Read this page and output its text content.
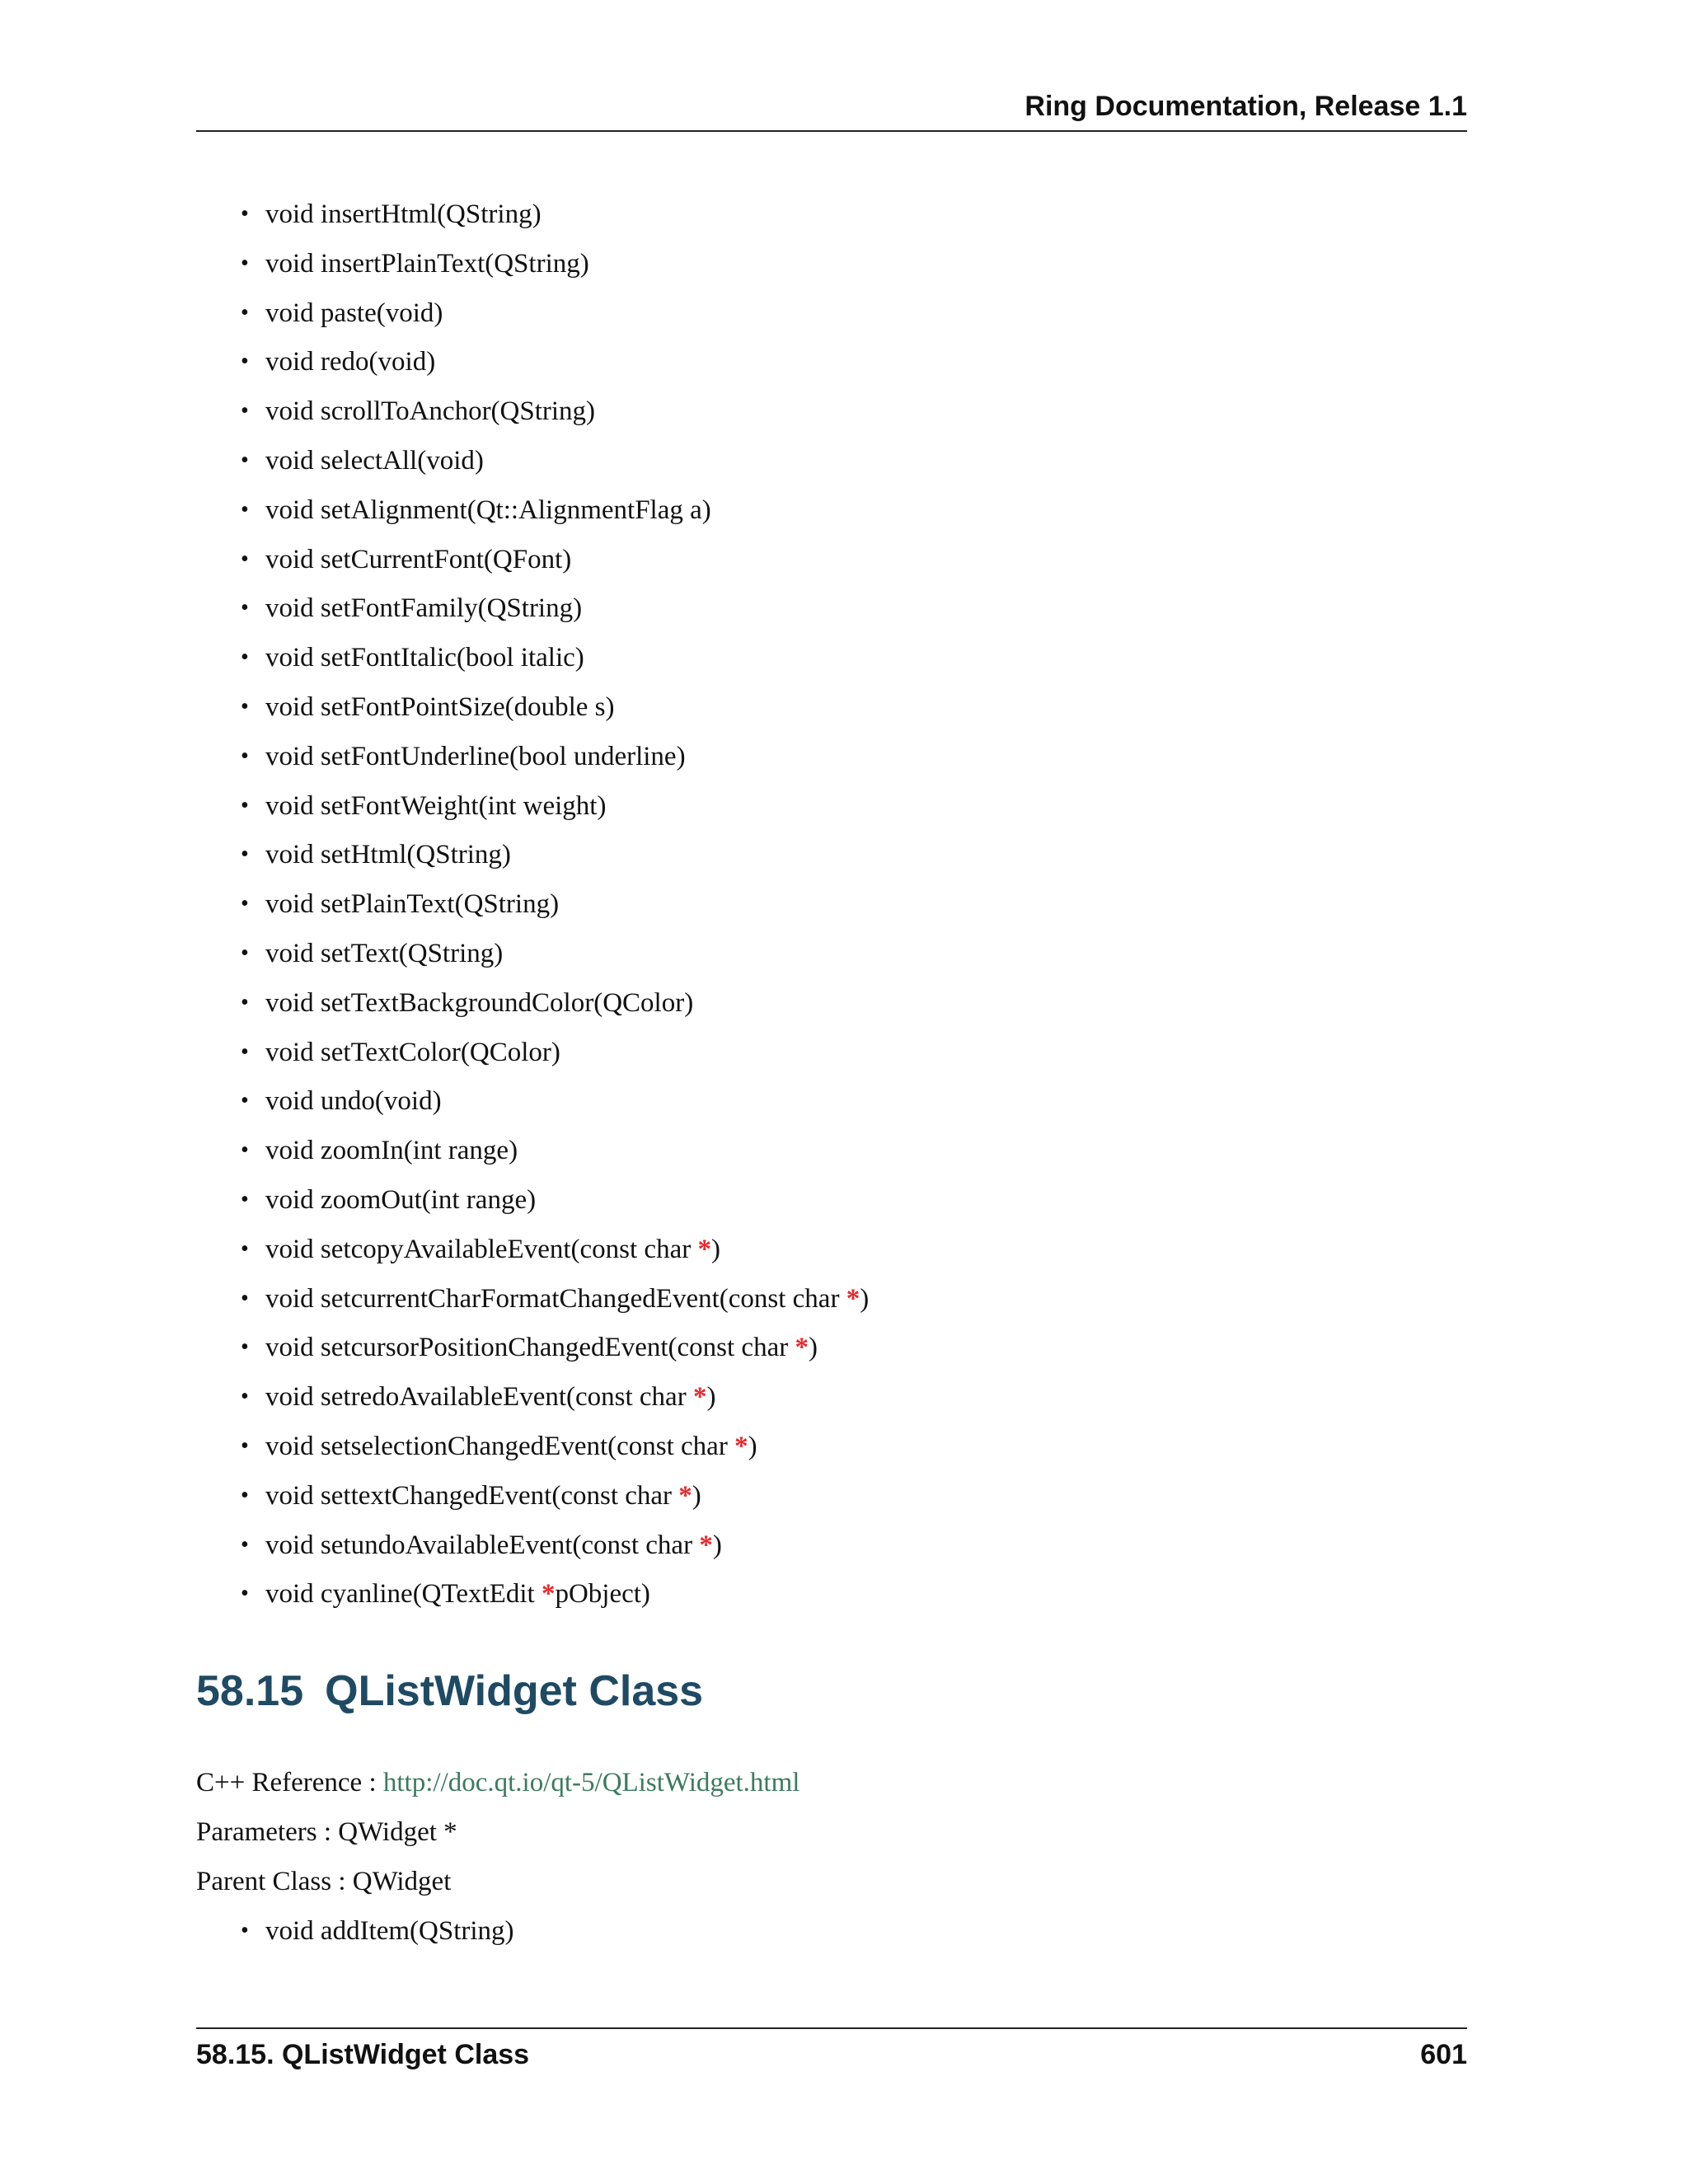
Ring Documentation, Release 1.1
• void insertHtml(QString)
• void insertPlainText(QString)
• void paste(void)
• void redo(void)
• void scrollToAnchor(QString)
• void selectAll(void)
• void setAlignment(Qt::AlignmentFlag a)
• void setCurrentFont(QFont)
• void setFontFamily(QString)
• void setFontItalic(bool italic)
• void setFontPointSize(double s)
• void setFontUnderline(bool underline)
• void setFontWeight(int weight)
• void setHtml(QString)
• void setPlainText(QString)
• void setText(QString)
• void setTextBackgroundColor(QColor)
• void setTextColor(QColor)
• void undo(void)
• void zoomIn(int range)
• void zoomOut(int range)
• void setcopyAvailableEvent(const char *)
• void setcurrentCharFormatChangedEvent(const char *)
• void setcursorPositionChangedEvent(const char *)
• void setredoAvailableEvent(const char *)
• void setselectionChangedEvent(const char *)
• void settextChangedEvent(const char *)
• void setundoAvailableEvent(const char *)
• void cyanline(QTextEdit *pObject)
58.15 QListWidget Class
C++ Reference : http://doc.qt.io/qt-5/QListWidget.html
Parameters : QWidget *
Parent Class : QWidget
• void addItem(QString)
58.15. QListWidget Class	601
